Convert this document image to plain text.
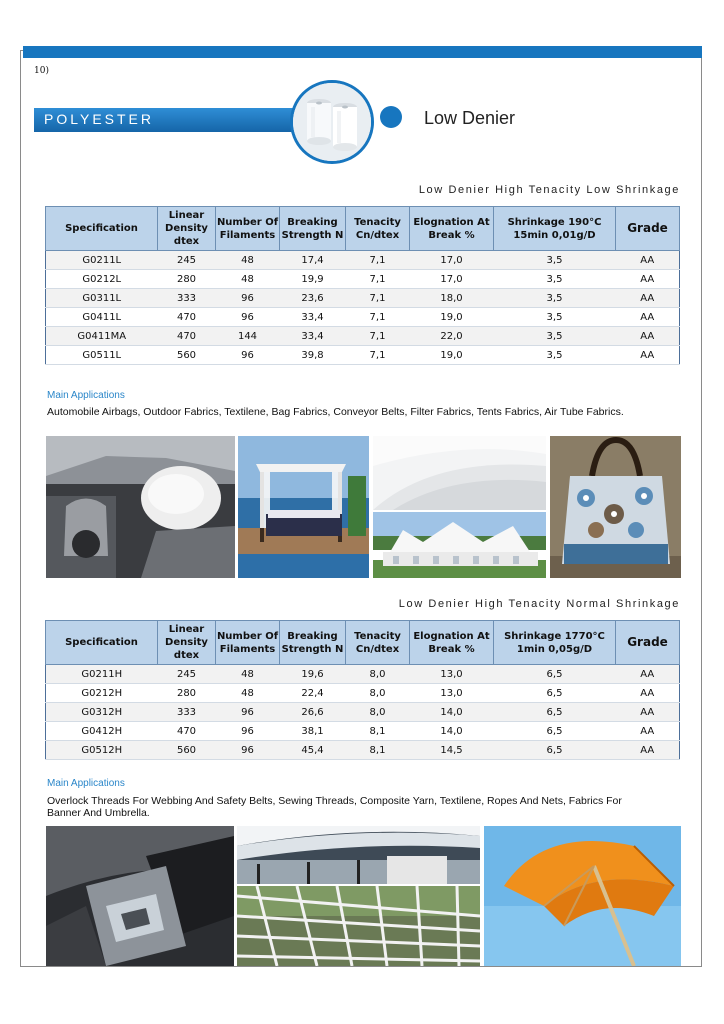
10)
POLYESTER	Low Denier
Low Denier High Tenacity Low Shrinkage
Specification	Linear Density dtex	Number Of Filaments	Breaking Strength N	Tenacity Cn/dtex	Elognation At Break %	Shrinkage 190°C 15min 0,01g/D	Grade
G0211L	245	48	17,4	7,1	17,0	3,5	AA
G0212L	280	48	19,9	7,1	17,0	3,5	AA
G0311L	333	96	23,6	7,1	18,0	3,5	AA
G0411L	470	96	33,4	7,1	19,0	3,5	AA
G0411MA	470	144	33,4	7,1	22,0	3,5	AA
G0511L	560	96	39,8	7,1	19,0	3,5	AA
Main Applications
Automobile Airbags, Outdoor Fabrics, Textilene, Bag Fabrics, Conveyor Belts, Filter Fabrics, Tents Fabrics, Air Tube Fabrics.
Low Denier High Tenacity Normal Shrinkage
Specification	Linear Density dtex	Number Of Filaments	Breaking Strength N	Tenacity Cn/dtex	Elognation At Break %	Shrinkage 1770°C 1min 0,05g/D	Grade
G0211H	245	48	19,6	8,0	13,0	6,5	AA
G0212H	280	48	22,4	8,0	13,0	6,5	AA
G0312H	333	96	26,6	8,0	14,0	6,5	AA
G0412H	470	96	38,1	8,1	14,0	6,5	AA
G0512H	560	96	45,4	8,1	14,5	6,5	AA
Main Applications
Overlock Threads For Webbing And Safety Belts, Sewing Threads, Composite Yarn, Textilene, Ropes And Nets, Fabrics For Banner And Umbrella.
